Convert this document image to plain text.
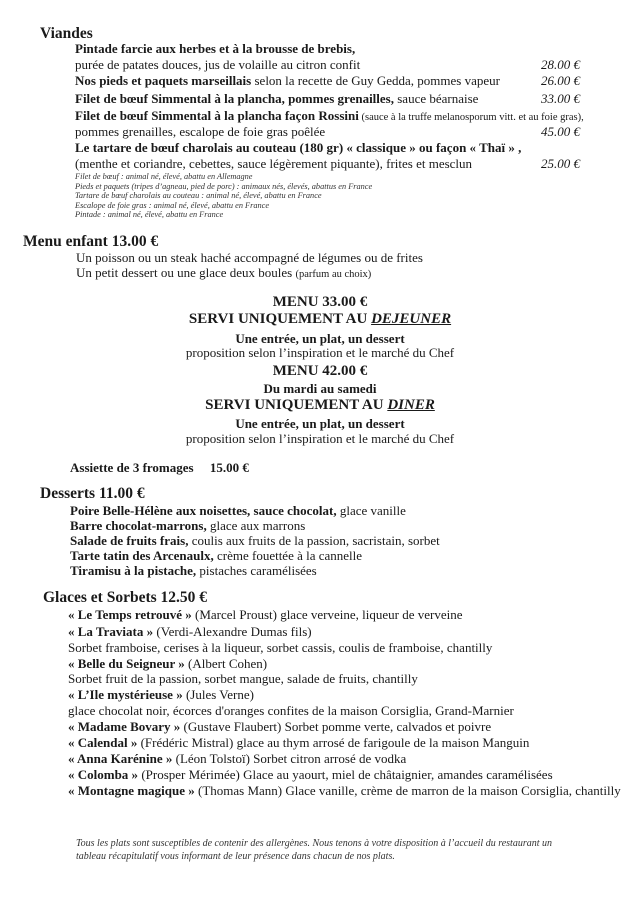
Viandes
Pintade farcie aux herbes et à la brousse de brebis,
purée de patates douces, jus de volaille au citron confit	28.00 €
Nos pieds et paquets marseillais selon la recette de Guy Gedda, pommes vapeur	26.00 €
Filet de bœuf Simmental à la plancha, pommes grenailles, sauce béarnaise	33.00 €
Filet de bœuf Simmental à la plancha façon Rossini (sauce à la truffe melanosporum vitt. et au foie gras),
pommes grenailles, escalope de foie gras poêlée	45.00 €
Le tartare de bœuf charolais au couteau (180 gr) « classique » ou façon « Thaï » ,
(menthe et coriandre, cebettes, sauce légèrement piquante), frites et mesclun	25.00 €
Filet de bœuf : animal né, élevé, abattu en Allemagne
Pieds et paquets (tripes d’agneau, pied de porc) : animaux nés, élevés, abattus en France
Tartare de bœuf charolais au couteau : animal né, élevé, abattu en France
Escalope de foie gras : animal né, élevé, abattu en France
Pintade : animal né, élevé, abattu en France
Menu enfant 13.00 €
Un poisson ou un steak haché accompagné de légumes ou de frites
Un petit dessert ou une glace deux boules (parfum au choix)
MENU 33.00 €
SERVI UNIQUEMENT AU DEJEUNER
Une entrée, un plat, un dessert
proposition selon l’inspiration et le marché du Chef
MENU 42.00 €
Du mardi au samedi
SERVI UNIQUEMENT AU DINER
Une entrée, un plat, un dessert
proposition selon l’inspiration et le marché du Chef
Assiette de 3 fromages 15.00 €
Desserts 11.00 €
Poire Belle-Hélène aux noisettes, sauce chocolat, glace vanille
Barre chocolat-marrons, glace aux marrons
Salade de fruits frais, coulis aux fruits de la passion, sacristain, sorbet
Tarte tatin des Arcenaulx, crème fouettée à la cannelle
Tiramisu à la pistache, pistaches caramélisées
Glaces et Sorbets 12.50 €
« Le Temps retrouvé » (Marcel Proust) glace verveine, liqueur de verveine
« La Traviata » (Verdi-Alexandre Dumas fils)
Sorbet framboise, cerises à la liqueur, sorbet cassis, coulis de framboise, chantilly
« Belle du Seigneur » (Albert Cohen)
Sorbet fruit de la passion, sorbet mangue, salade de fruits, chantilly
« L’Ile mystérieuse » (Jules Verne)
glace chocolat noir, écorces d'oranges confites de la maison Corsiglia, Grand-Marnier
« Madame Bovary » (Gustave Flaubert) Sorbet pomme verte, calvados et poivre
« Calendal » (Frédéric Mistral) glace au thym arrosé de farigoule de la maison Manguin
« Anna Karénine » (Léon Tolstoï) Sorbet citron arrosé de vodka
« Colomba » (Prosper Mérimée) Glace au yaourt, miel de châtaignier, amandes caramélisées
« Montagne magique » (Thomas Mann) Glace vanille, crème de marron de la maison Corsiglia, chantilly
Tous les plats sont susceptibles de contenir des allergènes. Nous tenons à votre disposition à l’accueil du restaurant un
tableau récapitulatif vous informant de leur présence dans chacun de nos plats.
